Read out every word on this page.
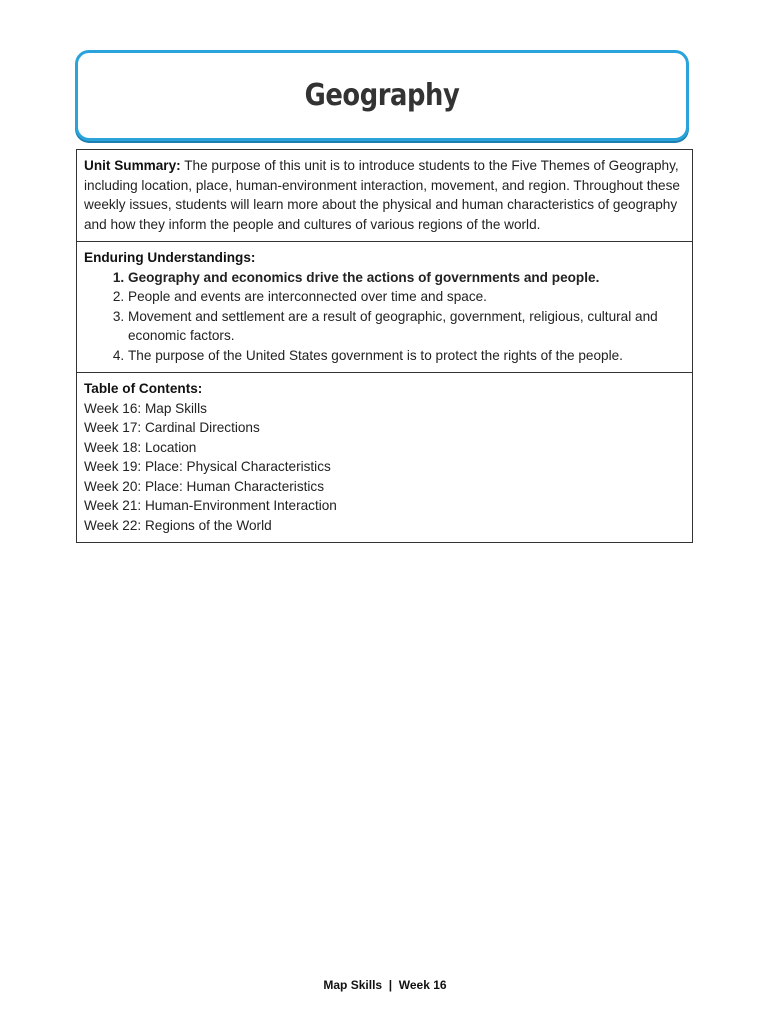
Geography
Unit Summary: The purpose of this unit is to introduce students to the Five Themes of Geography, including location, place, human-environment interaction, movement, and region. Throughout these weekly issues, students will learn more about the physical and human characteristics of geography and how they inform the people and cultures of various regions of the world.
Enduring Understandings:
1. Geography and economics drive the actions of governments and people.
2. People and events are interconnected over time and space.
3. Movement and settlement are a result of geographic, government, religious, cultural and economic factors.
4. The purpose of the United States government is to protect the rights of the people.
Table of Contents:
Week 16: Map Skills
Week 17: Cardinal Directions
Week 18: Location
Week 19: Place: Physical Characteristics
Week 20: Place: Human Characteristics
Week 21: Human-Environment Interaction
Week 22: Regions of the World
Map Skills  |  Week 16
